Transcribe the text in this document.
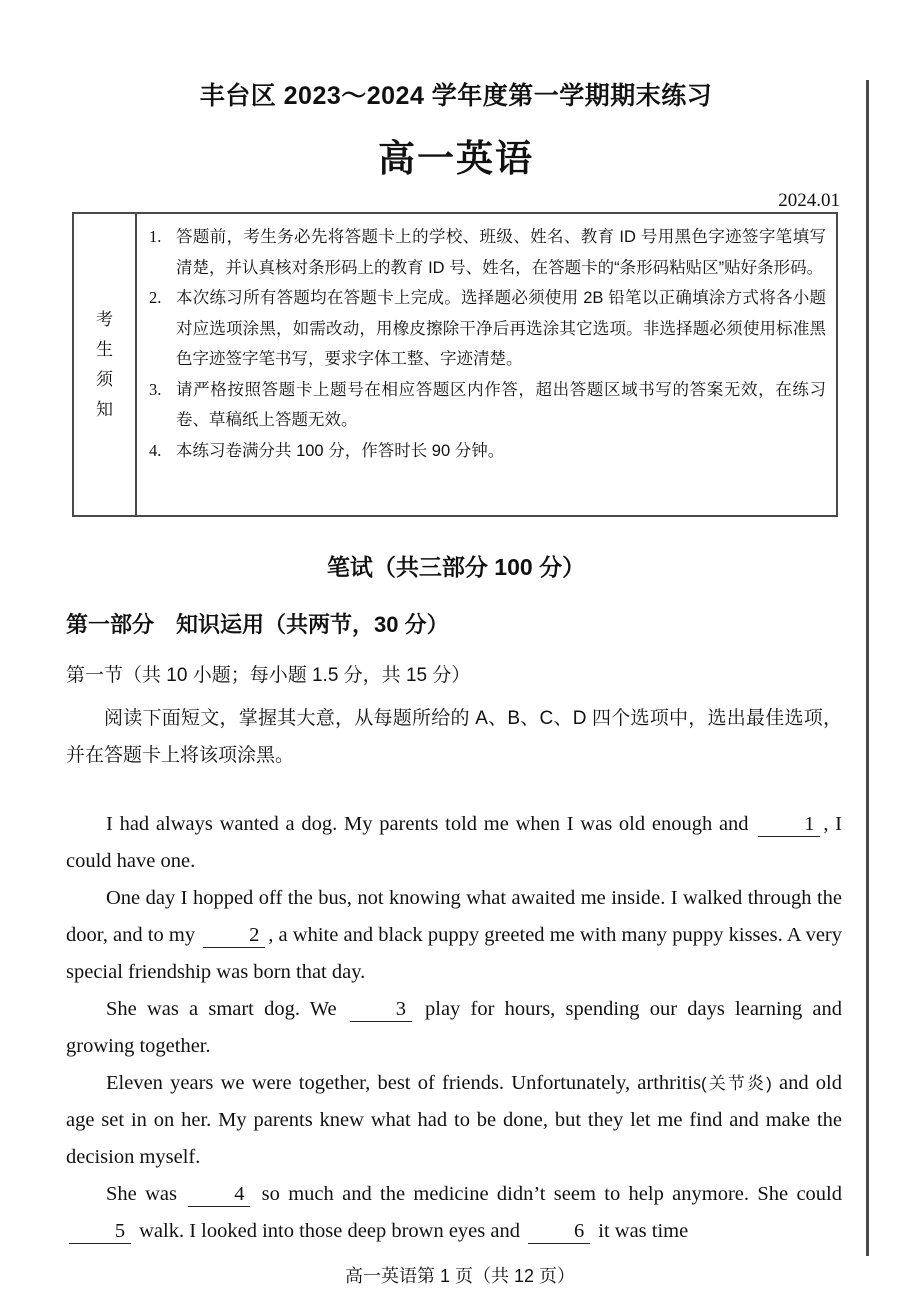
丰台区 2023～2024 学年度第一学期期末练习
高一英语
2024.01
考
生
须
知
1. 答题前，考生务必先将答题卡上的学校、班级、姓名、教育 ID 号用黑色字迹签字笔填写清楚，并认真核对条形码上的教育 ID 号、姓名，在答题卡的“条形码粘贴区”贴好条形码。
2. 本次练习所有答题均在答题卡上完成。选择题必须使用 2B 铅笔以正确填涂方式将各小题对应选项涂黑，如需改动，用橡皮擦除干净后再选涂其它选项。非选择题必须使用标准黑色字迹签字笔书写，要求字体工整、字迹清楚。
3. 请严格按照答题卡上题号在相应答题区内作答，超出答题区域书写的答案无效，在练习卷、草稿纸上答题无效。
4. 本练习卷满分共 100 分，作答时长 90 分钟。
笔试（共三部分 100 分）
第一部分　知识运用（共两节，30 分）
第一节（共 10 小题；每小题 1.5 分，共 15 分）
阅读下面短文，掌握其大意，从每题所给的 A、B、C、D 四个选项中，选出最佳选项，并在答题卡上将该项涂黑。

I had always wanted a dog. My parents told me when I was old enough and 1 , I could have one.

One day I hopped off the bus, not knowing what awaited me inside. I walked through the door, and to my 2 , a white and black puppy greeted me with many puppy kisses. A very special friendship was born that day.

She was a smart dog. We 3 play for hours, spending our days learning and growing together.

Eleven years we were together, best of friends. Unfortunately, arthritis(关节炎) and old age set in on her. My parents knew what had to be done, but they let me find and make the decision myself.

She was 4 so much and the medicine didn’t seem to help anymore. She could 5 walk. I looked into those deep brown eyes and 6 it was time

高一英语第 1 页（共 12 页）
